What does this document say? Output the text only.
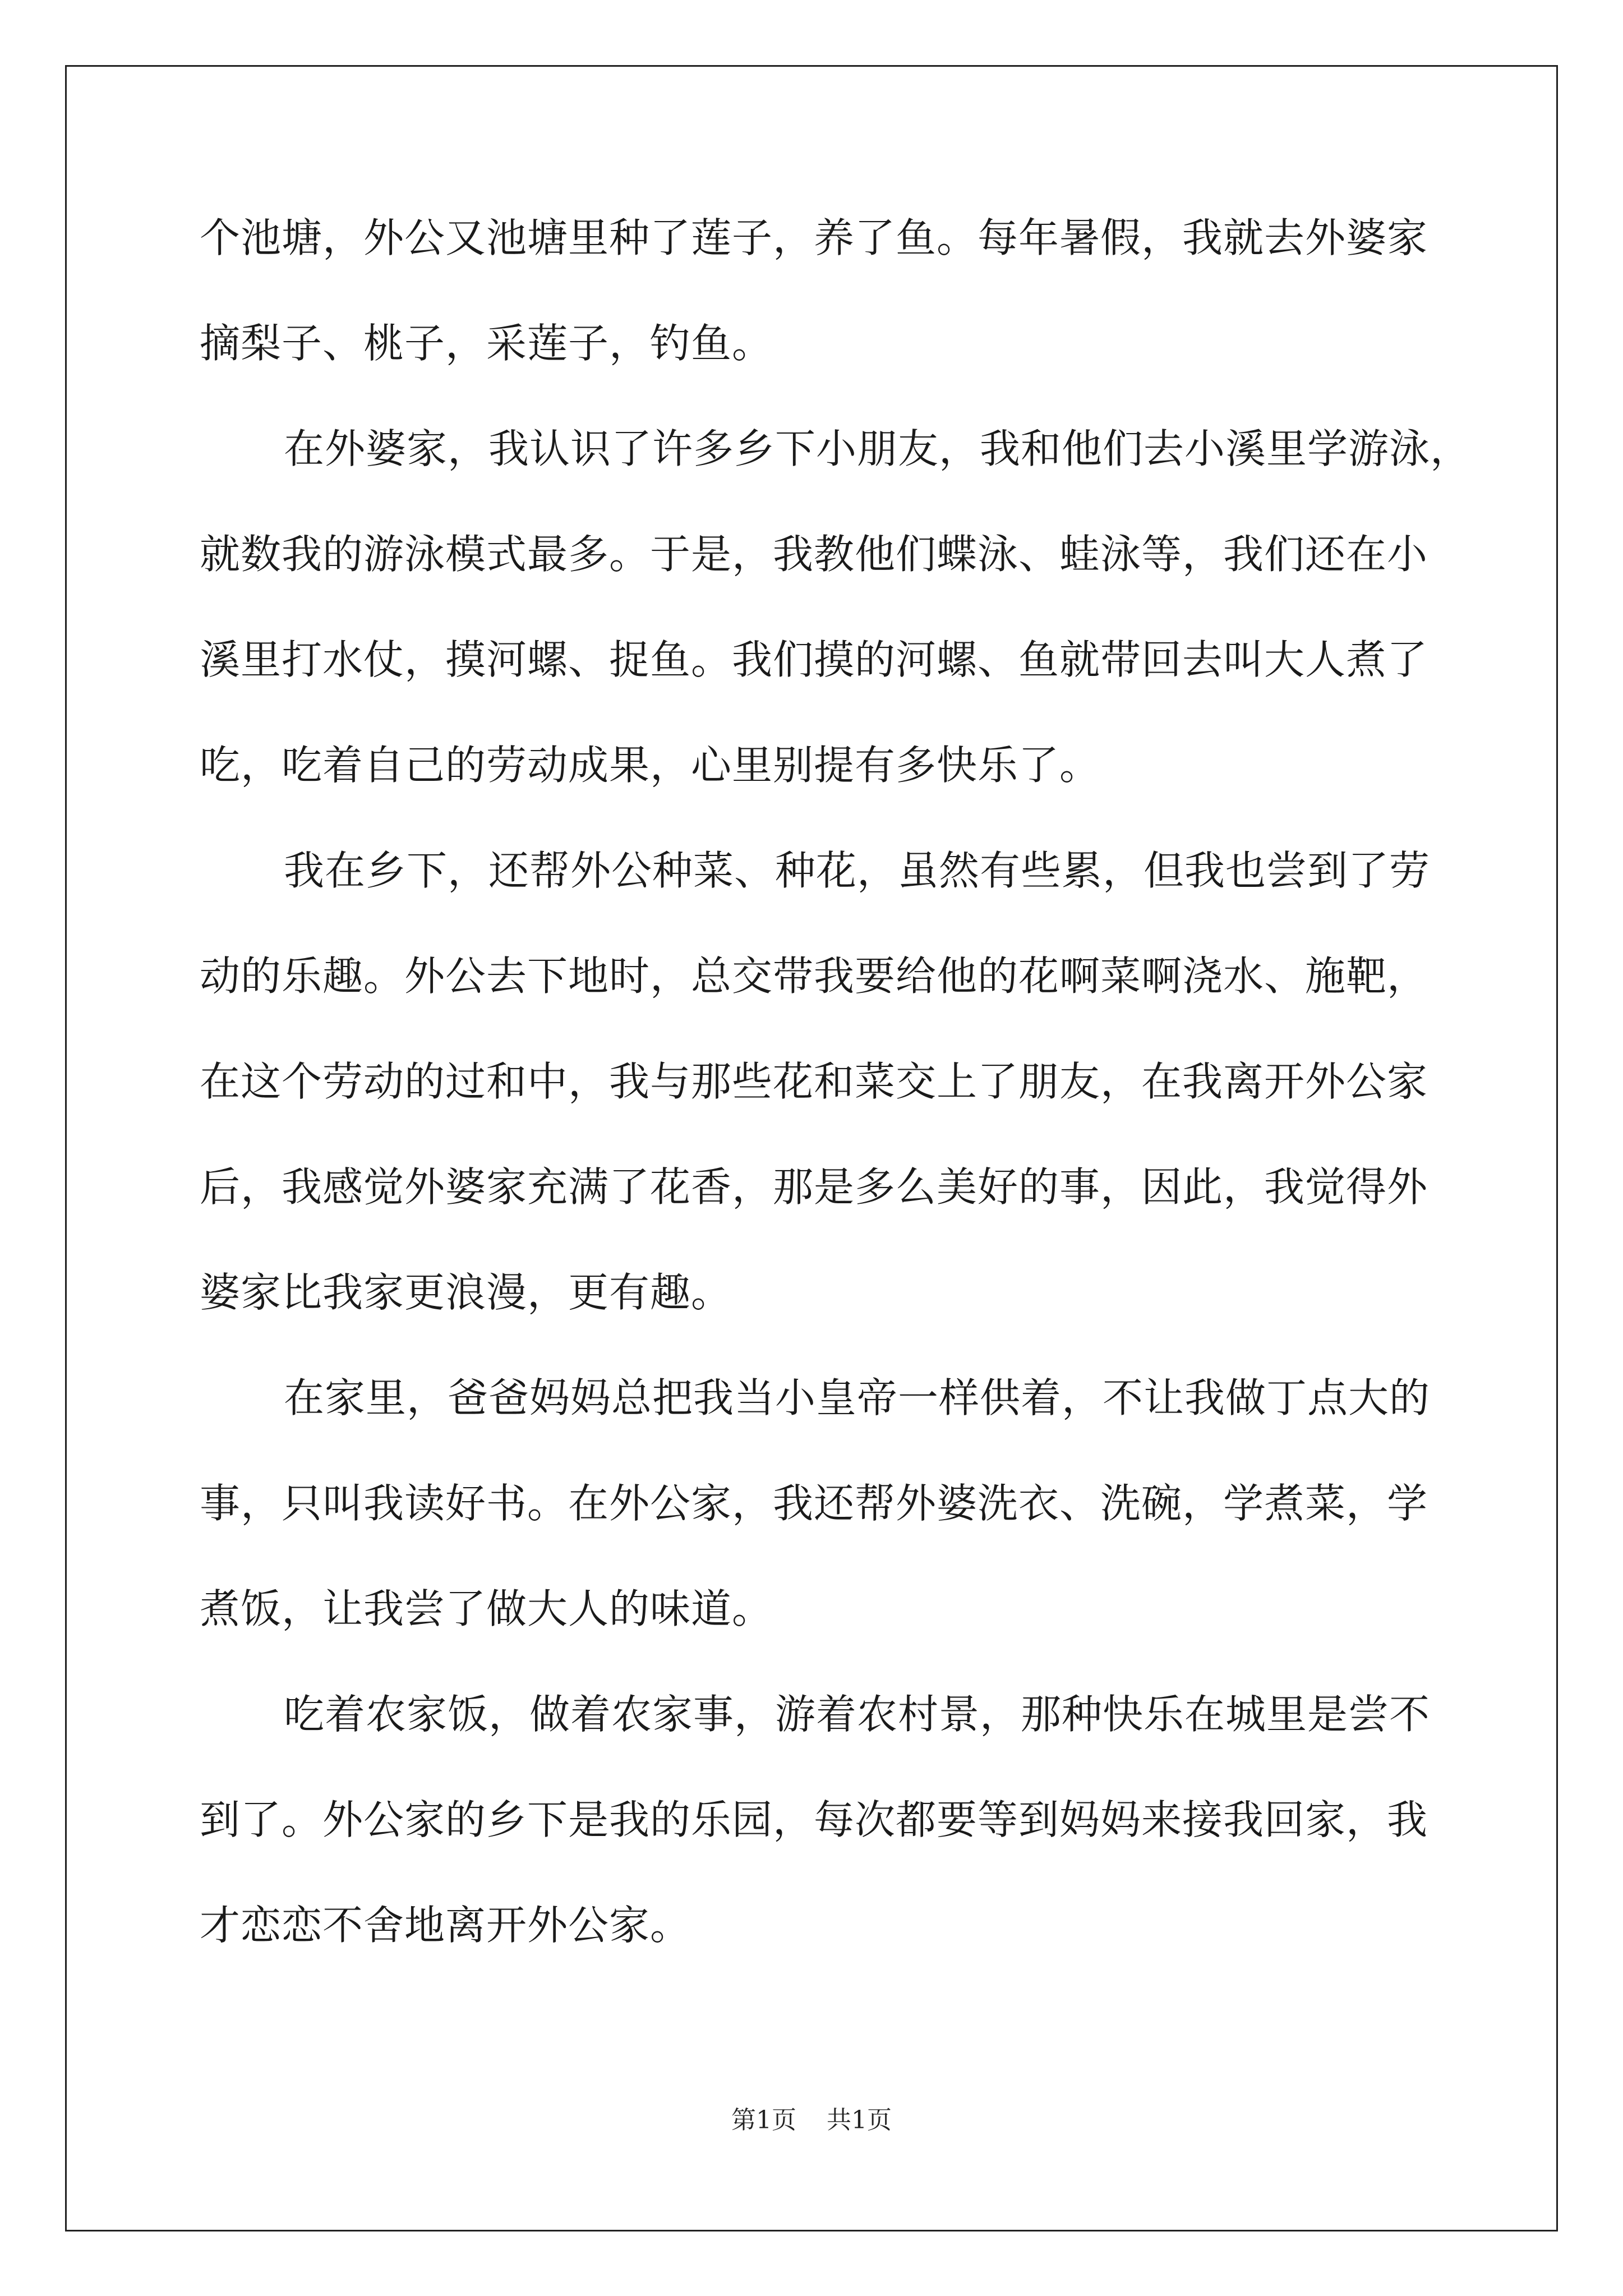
个池塘，外公又池塘里种了莲子，养了鱼。每年暑假，我就去外婆家
摘梨子、桃子，采莲子，钓鱼。
在外婆家，我认识了许多乡下小朋友，我和他们去小溪里学游泳，
就数我的游泳模式最多。于是，我教他们蝶泳、蛙泳等，我们还在小
溪里打水仗，摸河螺、捉鱼。我们摸的河螺、鱼就带回去叫大人煮了
吃，吃着自己的劳动成果，心里别提有多快乐了。
我在乡下，还帮外公种菜、种花，虽然有些累，但我也尝到了劳
动的乐趣。外公去下地时，总交带我要给他的花啊菜啊浇水、施靶，
在这个劳动的过和中，我与那些花和菜交上了朋友，在我离开外公家
后，我感觉外婆家充满了花香，那是多么美好的事，因此，我觉得外
婆家比我家更浪漫，更有趣。
在家里，爸爸妈妈总把我当小皇帝一样供着，不让我做丁点大的
事，只叫我读好书。在外公家，我还帮外婆洗衣、洗碗，学煮菜，学
煮饭，让我尝了做大人的味道。
吃着农家饭，做着农家事，游着农村景，那种快乐在城里是尝不
到了。外公家的乡下是我的乐园，每次都要等到妈妈来接我回家，我
才恋恋不舍地离开外公家。
第1页 共1页
